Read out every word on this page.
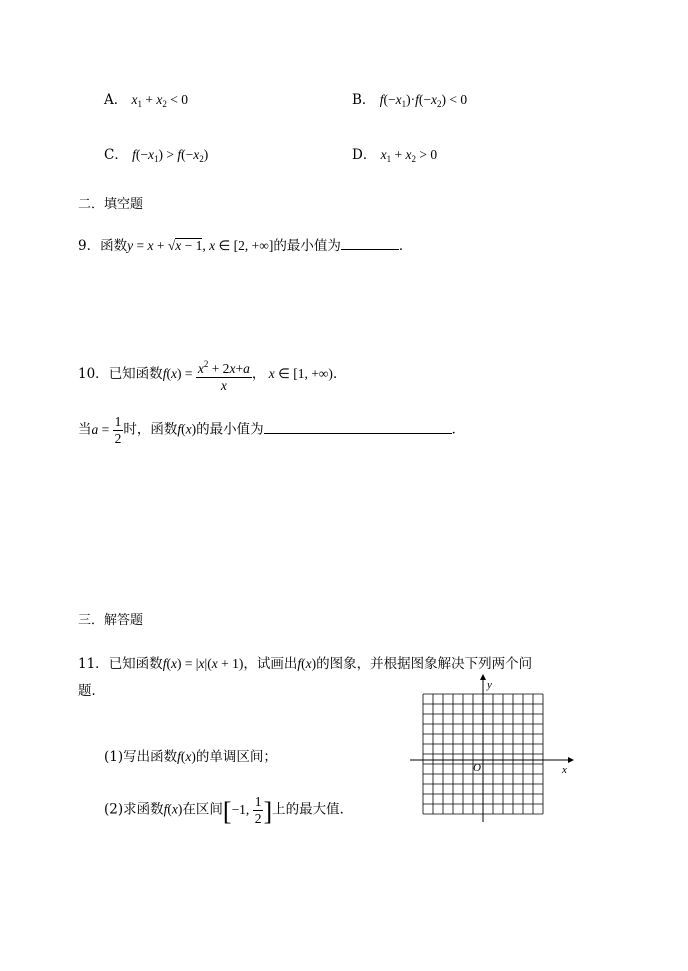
A． $x_1 + x_2 < 0$	B． $f(-x_1)\cdot f(-x_2) < 0$
C． $f(-x_1) > f(-x_2)$	D． $x_1 + x_2 > 0$
二．填空题
9．函数y = x + √x − 1, x ∈ [2, +∞]的最小值为	．
10．已知函数$f(x) = \frac{x^2 + 2x+a}{x}$ ， x ∈ [1, +∞)．
当$a = \frac{1}{2}$ 时，函数f(x)的最小值为	．
三．解答题
11．已知函数f(x) = |x|(x + 1)，试画出f(x)的图象，并根据图象解决下列两个问
题．
(1)写出函数f(x)的单调区间；
(2)求函数f(x)在区间[−1, $\frac{1}{2}$ ]上的最大值．
x
y
O
